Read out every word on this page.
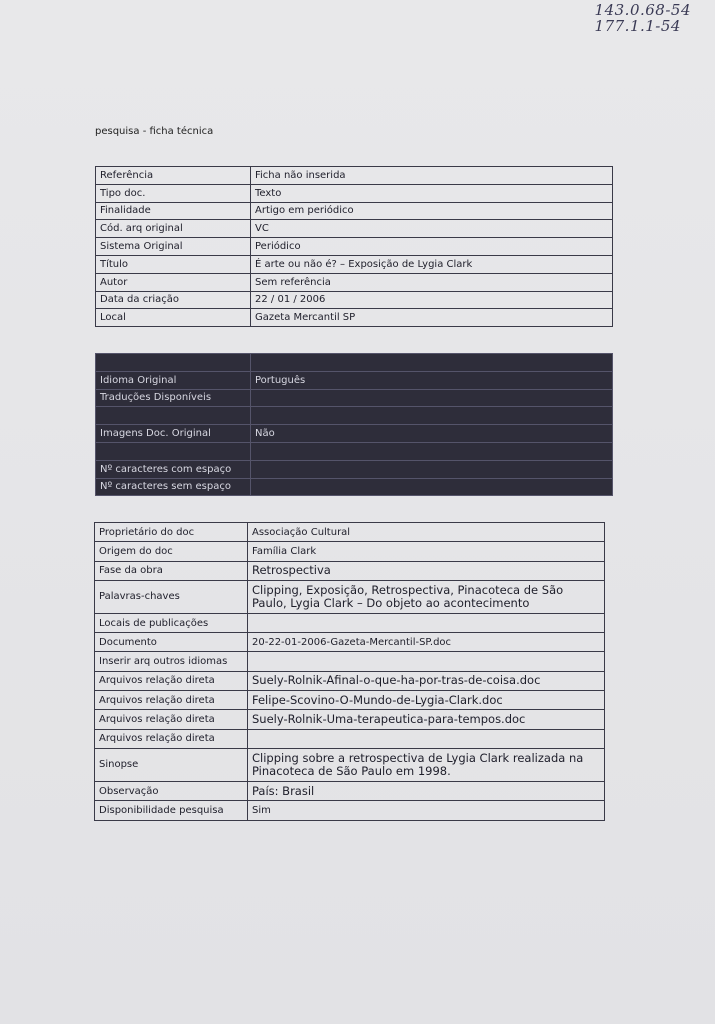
143.0.68-54
177.1.1-54
pesquisa - ficha técnica
Referência	Ficha não inserida
Tipo doc.	Texto
Finalidade	Artigo em periódico
Cód. arq original	VC
Sistema Original	Periódico
Título	É arte ou não é? – Exposição de Lygia Clark
Autor	Sem referência
Data da criação	22 / 01 / 2006
Local	Gazeta Mercantil SP

Idioma Original	Português
Traduções Disponíveis	

Imagens Doc. Original	Não

Nº caracteres com espaço	
Nº caracteres sem espaço	
Proprietário do doc	Associação Cultural
Origem do doc	Família Clark
Fase da obra	Retrospectiva
Palavras-chaves	Clipping, Exposição, Retrospectiva, Pinacoteca de São Paulo, Lygia Clark – Do objeto ao acontecimento
Locais de publicações	
Documento	20-22-01-2006-Gazeta-Mercantil-SP.doc
Inserir arq outros idiomas	
Arquivos relação direta	Suely-Rolnik-Afinal-o-que-ha-por-tras-de-coisa.doc
Arquivos relação direta	Felipe-Scovino-O-Mundo-de-Lygia-Clark.doc
Arquivos relação direta	Suely-Rolnik-Uma-terapeutica-para-tempos.doc
Arquivos relação direta	
Sinopse	Clipping sobre a retrospectiva de Lygia Clark realizada na Pinacoteca de São Paulo em 1998.
Observação	País: Brasil
Disponibilidade pesquisa	Sim
